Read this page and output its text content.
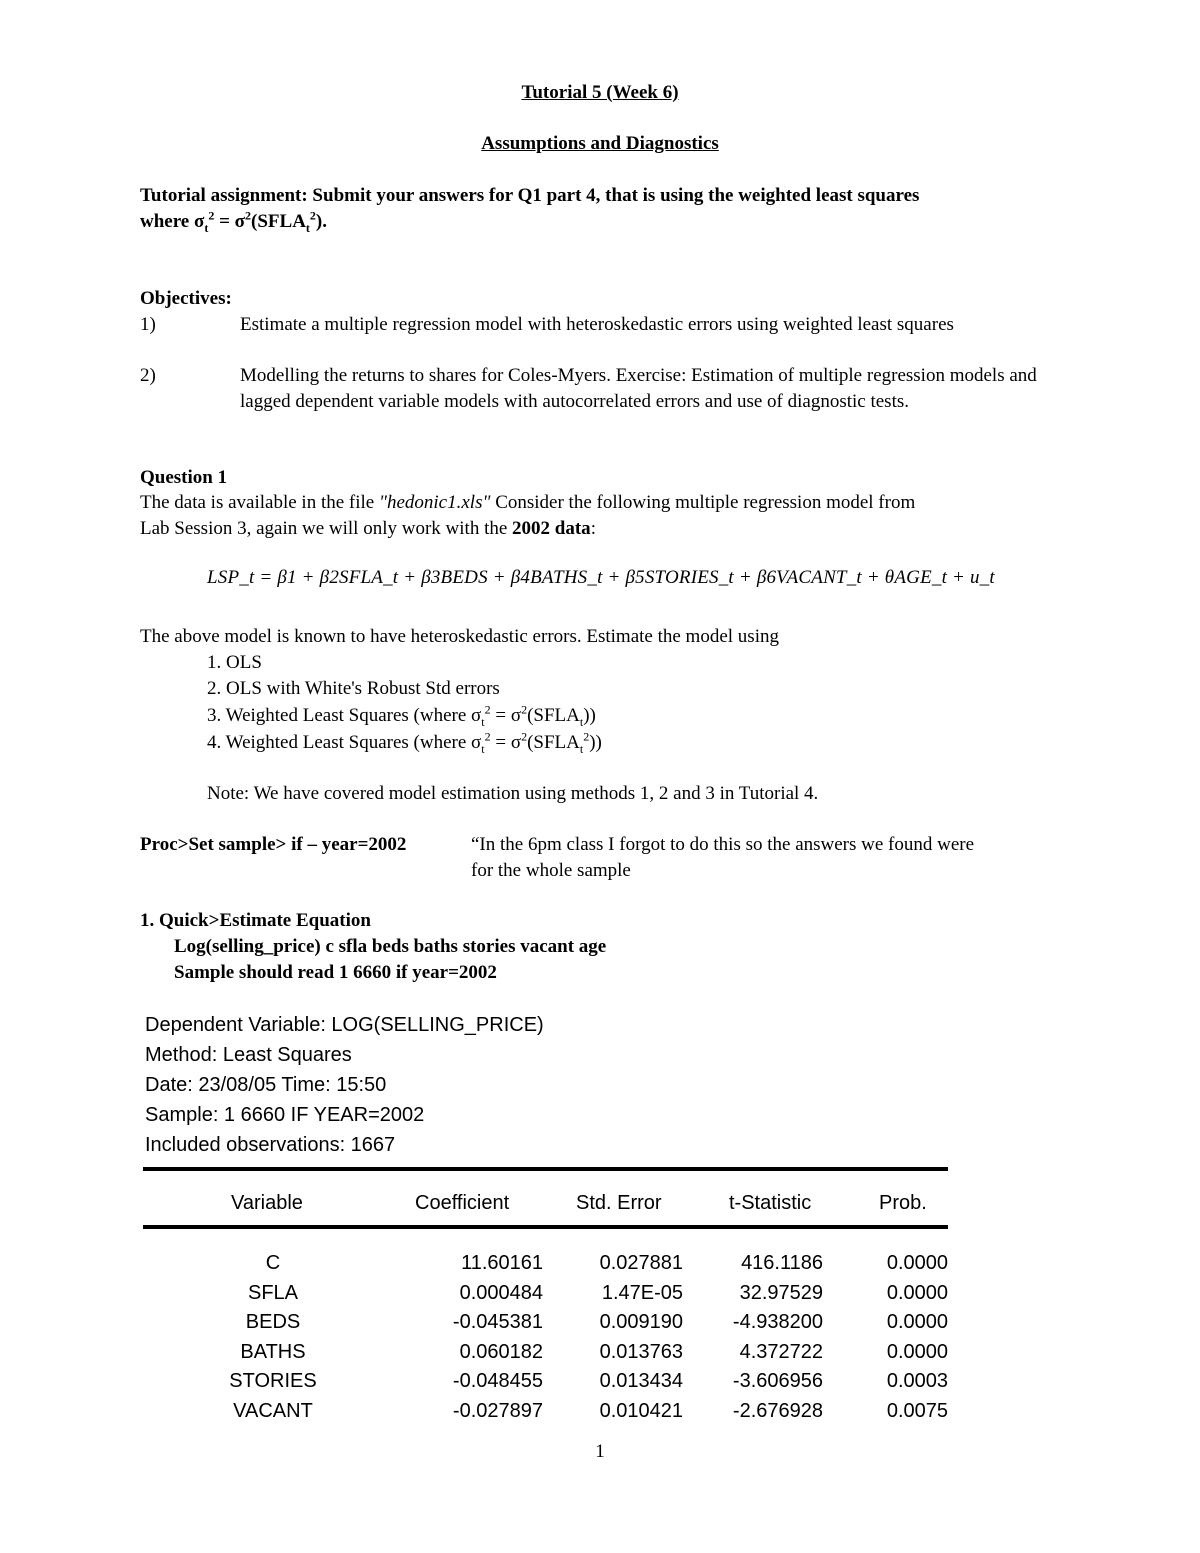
Tutorial 5 (Week 6)
Assumptions and Diagnostics
Tutorial assignment: Submit your answers for Q1 part 4, that is using the weighted least squares
where $\sigma_t^2$ = $\sigma^2(SFLA_t^2)$.
Objectives:
1)	Estimate a multiple regression model with heteroskedastic errors using weighted least squares
2)	Modelling the returns to shares for Coles-Myers. Exercise: Estimation of multiple regression models and lagged dependent variable models with autocorrelated errors and use of diagnostic tests.
Question 1
The data is available in the file "hedonic1.xls" Consider the following multiple regression model from
Lab Session 3, again we will only work with the 2002 data:
LSP_t = β1 + β2SFLA_t + β3BEDS + β4BATHS_t + β5STORIES_t + β6VACANT_t + θAGE_t + u_t
The above model is known to have heteroskedastic errors. Estimate the model using
1. OLS
2. OLS with White's Robust Std errors
3. Weighted Least Squares (where $\sigma_t^2$ = $\sigma^2(SFLA_t)$)
4. Weighted Least Squares (where $\sigma_t^2$ = $\sigma^2(SFLA_t^2)$)
Note: We have covered model estimation using methods 1, 2 and 3 in Tutorial 4.
Proc>Set sample> if – year=2002	“In the 6pm class I forgot to do this so the answers we found were
for the whole sample
1. Quick>Estimate Equation
Log(selling_price) c sfla beds baths stories vacant age
Sample should read 1 6660 if year=2002
Dependent Variable: LOG(SELLING_PRICE)
Method: Least Squares
Date: 23/08/05 Time: 15:50
Sample: 1 6660 IF YEAR=2002
Included observations: 1667
Variable	Coefficient	Std. Error	t-Statistic	Prob.
C	11.60161	0.027881	416.1186	0.0000
SFLA	0.000484	1.47E-05	32.97529	0.0000
BEDS	-0.045381	0.009190	-4.938200	0.0000
BATHS	0.060182	0.013763	4.372722	0.0000
STORIES	-0.048455	0.013434	-3.606956	0.0003
VACANT	-0.027897	0.010421	-2.676928	0.0075
1
